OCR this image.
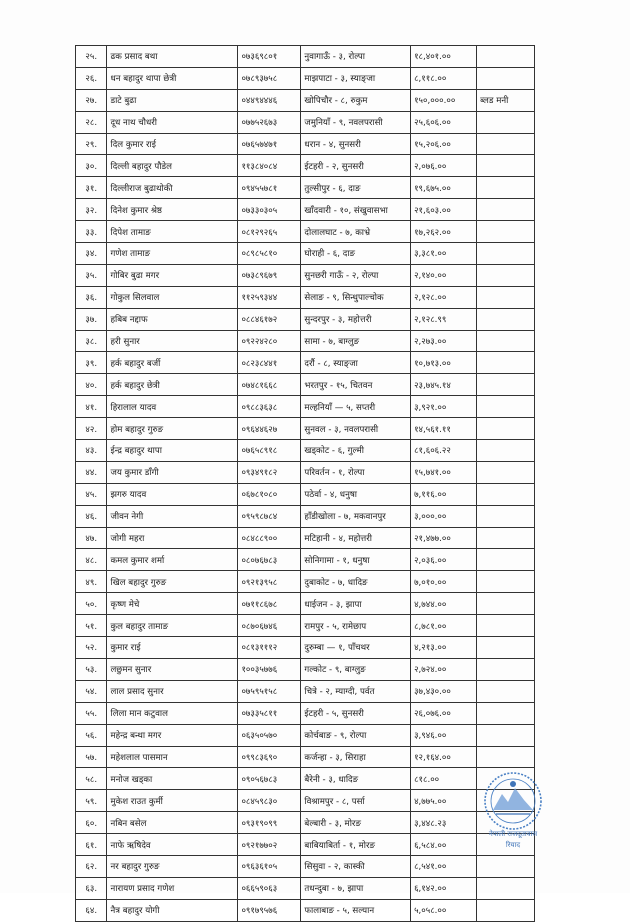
२५.	ढक प्रसाद बथा	०७३६९८०१	नुवागाऊँ - ३, रोल्पा	१८,४०१.००	
२६.	धन बहादुर थापा छेत्री	०७८९३७५८	माझपाटा - ३, स्याङ्जा	८,११८.००	
२७.	डाटे बुढा	०४४९४४४६	खोपिचौर - ८, रुकुम	१५०,०००.००	ब्लड मनी
२८.	दूध नाथ चौधरी	०७७५२६७३	जमुनियाँ - ९, नवलपरासी	२५,६०६.००	
२९.	दिल कुमार राई	०७६५७४७१	धरान - ४, सुनसरी	१५,२०६.००	
३०.	दिल्ली बहादुर पौडेल	११३८४०८४	ईटहरी - २, सुनसरी	२,०७६.००	
३१.	दिल्लीराज बुढाथोकी	०९४५५७८१	तुल्सीपुर - ६, दाङ	१९,६७५.००	
३२.	दिनेश कुमार श्रेष्ठ	०७३३०३०५	खाँदवारी - १०, संखुवासभा	२१,६०३.००	
३३.	दिपेश तामाङ	०८१२९२६५	दोलालघाट - ७, काभ्रे	१७,२६२.००	
३४.	गणेश तामाङ	०८९८५८१०	घोराही - ६, दाङ	३,३८१.००	
३५.	गोबिर बुढा मगर	०७३८९६७९	सुनछरी गाऊँ - २, रोल्पा	२,१४०.००	
३६.	गोकुल सिलवाल	११२५९३४४	सेलाङ - ९, सिन्धुपाल्चोक	२,१२८.००	
३७.	हबिब नद्दाफ	०८८४६१७२	सुन्दरपुर - ३, महोत्तरी	२,१२८.९९	
३८.	हरी सुनार	०९२२४२८०	सामा - ७, बाग्लुङ	२,२७३.००	
३९.	हर्क बहादुर बर्जी	०८२३८४४१	दर्रौ - ८, स्याङ्जा	१०,७१३.००	
४०.	हर्क बहादुर छेत्री	०७४८१६६८	भरतपुर - १५, चितवन	२३,७४५.१४	
४१.	हिरालाल यादव	०९८८३६३८	मल्हनियाँ — ५, सप्तरी	३,९२१.००	
४२.	होम बहादुर गुरुङ	०९६४४६२७	सुनवल - ३, नवलपरासी	१४,५६१.११	
४३.	ईन्द्र बहादुर थापा	०७६५८९१८	खड्कोट - ६, गुल्मी	८१,६०६.२२	
४४.	जय कुमार डाँगी	०९३४९१८२	परिवर्तन - १, रोल्पा	१५,७४१.००	
४५.	झगरु यादव	०६७८१०८०	पठेर्वा - ४, धनुषा	७,११६.००	
४६.	जीवन नेगी	०९५९८७८४	हाँडीखोला - ७, मकवानपुर	३,०००.००	
४७.	जोगी महरा	०८४८८९००	मटिहानी - ४, महोत्तरी	२१,४७७.००	
४८.	कमल कुमार शर्मा	०८०७६७८३	सोनिगामा - १, धनुषा	२,०३६.००	
४९.	खिल बहादुर गुरुङ	०९२१३९५८	दुबाकोट - ७, धादिङ	७,०१०.००	
५०.	कृष्ण मेचे	०७११८६७८	धाईजन - ३, झापा	४,७४४.००	
५१.	कुल बहादुर तामाङ	०८७०६७४६	रामपुर - ५, रामेछाप	८,७८१.००	
५२.	कुमार राई	०८१३१११२	दुरुम्बा — १, पाँचथर	४,२१३.००	
५३.	लछुमन सुनार	१००३५७७६	गल्कोट - ९, बाग्लुङ	२,७२४.००	
५४.	लाल प्रसाद सुनार	०७५९५१५८	चित्रे - २, म्याग्दी, पर्वत	३७,४३०.००	
५५.	लिला मान कटुवाल	०७३३५८११	ईटहरी - ५, सुनसरी	२६,०७६.००	
५६.	महेन्द्र बन्था मगर	०६३५०५७०	कोर्चबाङ - ९, रोल्पा	३,९४६.००	
५७.	महेशलाल पासमान	०९९८३६९०	कर्जन्हा - ३, सिराहा	१२,१६४.००	
५८.	मनोज खड्का	०९०५६७८३	बैरेनी - ३, धादिङ	८१८.००	
५९.	मुकेश राउत कुर्मी	०८४५९८३०	विश्रामपुर - ८, पर्सा	४,७७५.००	
६०.	नबिन बसेल	०९३१९०९९	बेल्बारी - ३, मोरङ	३,४४८.२३	
६१.	नाफे ऋषिदेव	०९२१७७०२	बाबियाबिर्ता - १, मोरङ	६,५८४.००	
६२.	नर बहादुर गुरुङ	०९६३६१०५	सिसुवा - २, कास्की	८,५४१.००	
६३.	नारायण प्रसाद गणेश	०६६५९०६३	तधन्दुबा - ७, झापा	६,१४२.००	
६४.	नैत्र बहादुर योगी	०९१७९५७६	फालाबाङ - ५, सल्यान	५,०५८.००	
नेपाली राजदूतावास
रियाद
